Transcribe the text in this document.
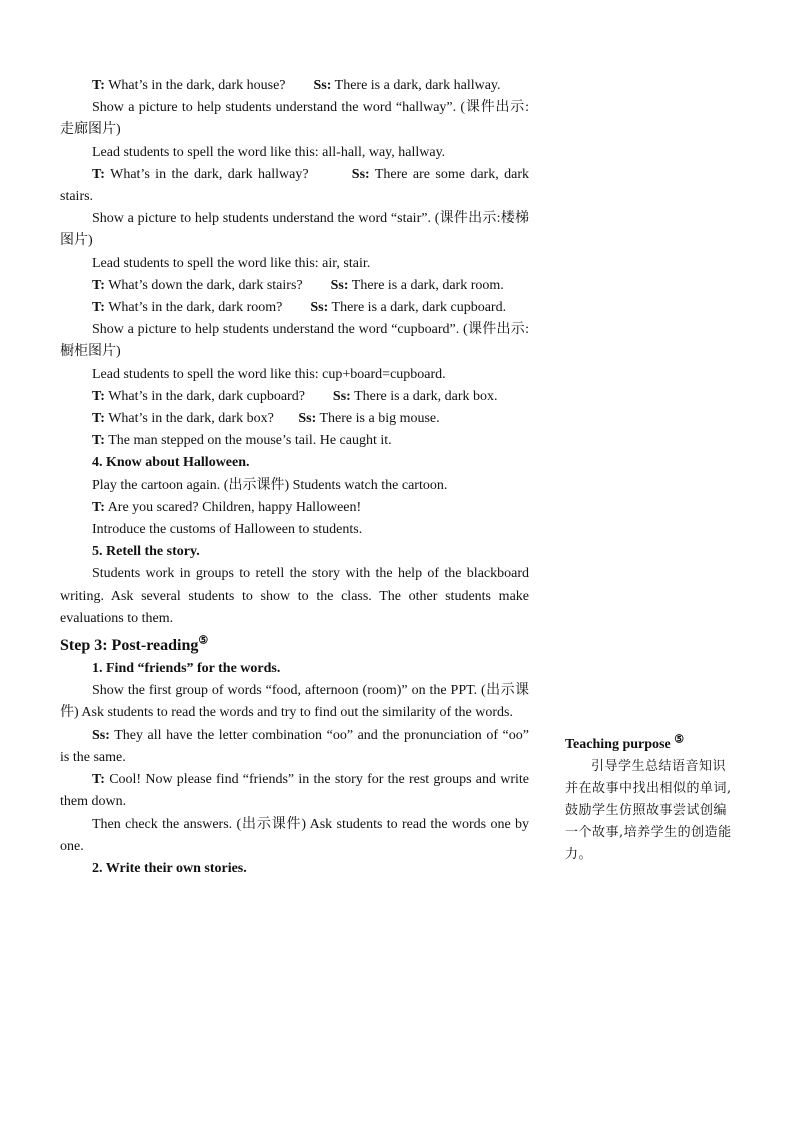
T: What’s in the dark, dark house?        Ss: There is a dark, dark hallway.

Show a picture to help students understand the word “hallway”. (课件出示:走廊图片)

Lead students to spell the word like this: all-hall, way, hallway.

T: What’s in the dark, dark hallway?        Ss: There are some dark, dark stairs.

Show a picture to help students understand the word “stair”. (课件出示:楼梯图片)

Lead students to spell the word like this: air, stair.

T: What’s down the dark, dark stairs?        Ss: There is a dark, dark room.

T: What’s in the dark, dark room?        Ss: There is a dark, dark cupboard.

Show a picture to help students understand the word “cupboard”. (课件出示:橱柜图片)

Lead students to spell the word like this: cup+board=cupboard.

T: What’s in the dark, dark cupboard?        Ss: There is a dark, dark box.

T: What’s in the dark, dark box?       Ss: There is a big mouse.

T: The man stepped on the mouse’s tail. He caught it.

4. Know about Halloween.

Play the cartoon again. (出示课件) Students watch the cartoon.

T: Are you scared? Children, happy Halloween!

Introduce the customs of Halloween to students.

5. Retell the story.

Students work in groups to retell the story with the help of the blackboard writing. Ask several students to show to the class. The other students make evaluations to them.

Step 3: Post-reading⑤

1. Find “friends” for the words.

Show the first group of words “food, afternoon (room)” on the PPT. (出示课件) Ask students to read the words and try to find out the similarity of the words.

Ss: They all have the letter combination “oo” and the pronunciation of “oo” is the same.

T: Cool! Now please find “friends” in the story for the rest groups and write them down.

Then check the answers. (出示课件) Ask students to read the words one by one.

2. Write their own stories.

Teaching purpose ⑤

引导学生总结语音知识并在故事中找出相似的单词,鼓励学生仿照故事尝试创编一个故事,培养学生的创造能力。
